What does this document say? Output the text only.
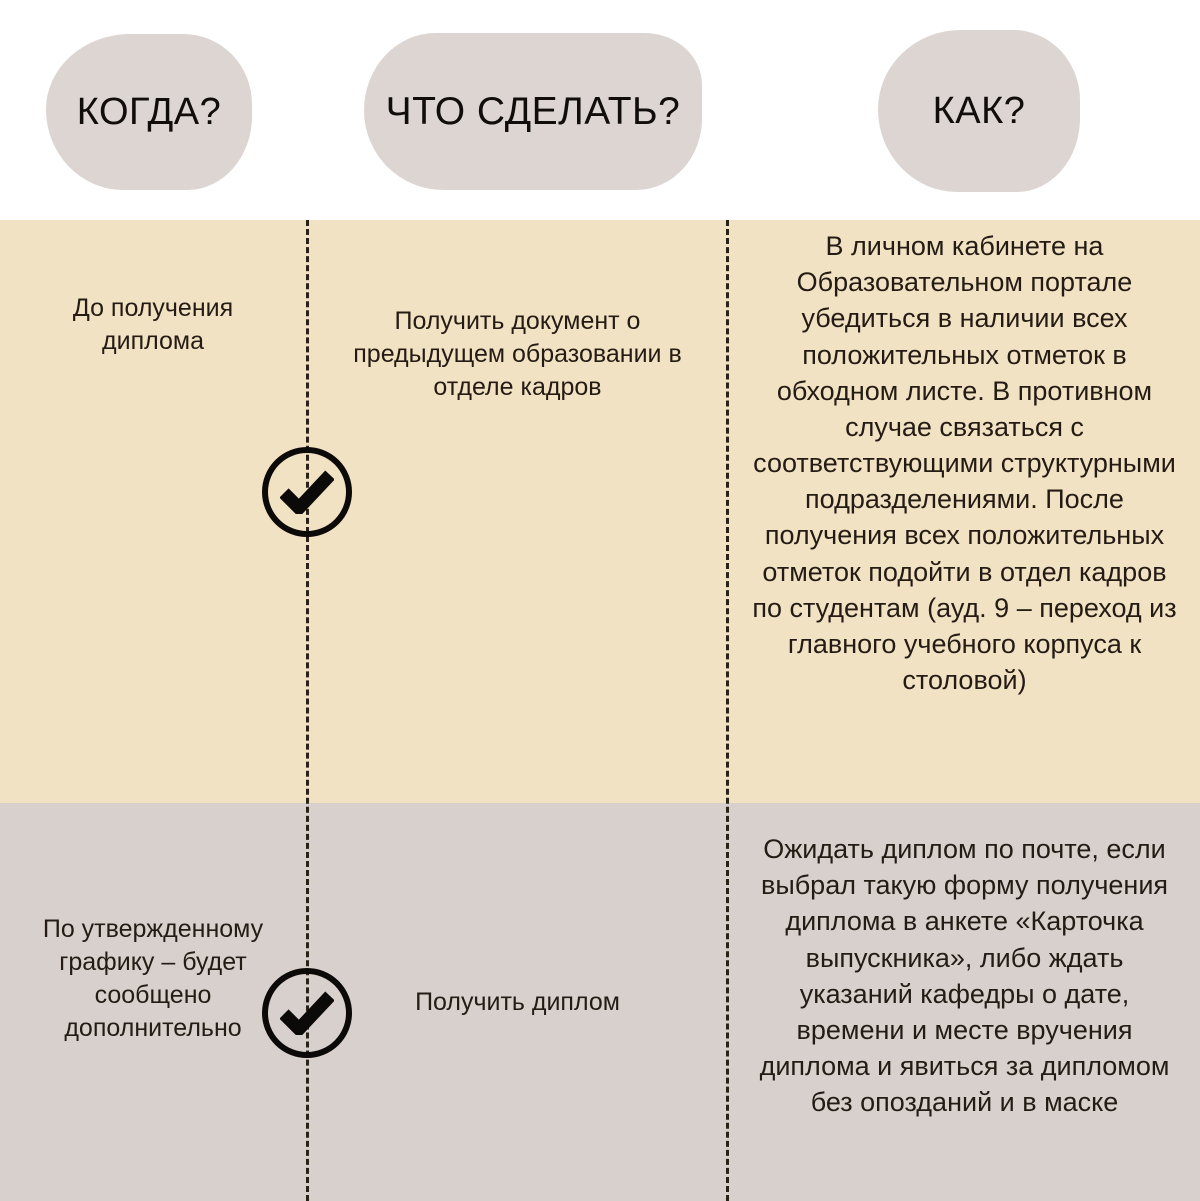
КОГДА?	ЧТО СДЕЛАТЬ?	КАК?

До получения диплома

Получить документ о предыдущем образовании в отделе кадров

В личном кабинете на Образовательном портале убедиться в наличии всех положительных отметок в обходном листе. В противном случае связаться с соответствующими структурными подразделениями. После получения всех положительных отметок подойти в отдел кадров по студентам (ауд. 9 – переход из главного учебного корпуса к столовой)

По утвержденному графику – будет сообщено дополнительно

Получить диплом

Ожидать диплом по почте, если выбрал такую форму получения диплома в анкете «Карточка выпускника», либо ждать указаний кафедры о дате, времени и месте вручения диплома и явиться за дипломом без опозданий и в маске
